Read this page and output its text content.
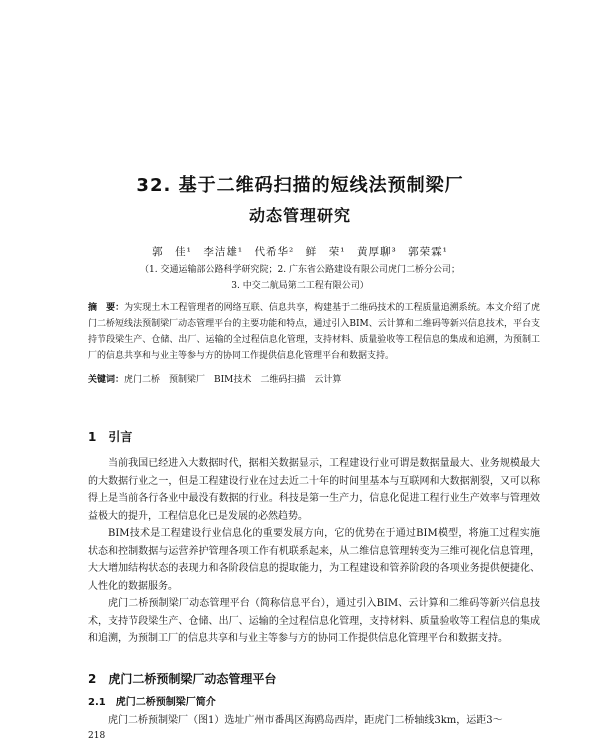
32. 基于二维码扫描的短线法预制梁厂
动态管理研究
郭　佳¹　李洁雄¹　代希华²　鲜　荣¹　黄厚聊³　郭荣霖¹
（1. 交通运输部公路科学研究院；2. 广东省公路建设有限公司虎门二桥分公司；
3. 中交二航局第二工程有限公司）
摘　要：为实现土木工程管理者的网络互联、信息共享，构建基于二维码技术的工程质量追溯系统。本文介绍了虎门二桥短线法预制梁厂动态管理平台的主要功能和特点，通过引入BIM、云计算和二维码等新兴信息技术，平台支持节段梁生产、仓储、出厂、运输的全过程信息化管理，支持材料、质量验收等工程信息的集成和追溯，为预制工厂的信息共享和与业主等参与方的协同工作提供信息化管理平台和数据支持。
关键词：虎门二桥　预制梁厂　BIM技术　二维码扫描　云计算
1　引言

当前我国已经进入大数据时代，据相关数据显示，工程建设行业可谓是数据量最大、业务规模最大的大数据行业之一，但是工程建设行业在过去近二十年的时间里基本与互联网和大数据割裂，又可以称得上是当前各行各业中最没有数据的行业。科技是第一生产力，信息化促进工程行业生产效率与管理效益极大的提升，工程信息化已是发展的必然趋势。

BIM技术是工程建设行业信息化的重要发展方向，它的优势在于通过BIM模型，将施工过程实施状态和控制数据与运营养护管理各项工作有机联系起来，从二维信息管理转变为三维可视化信息管理，大大增加结构状态的表现力和各阶段信息的提取能力，为工程建设和管养阶段的各项业务提供便捷化、人性化的数据服务。

虎门二桥预制梁厂动态管理平台（简称信息平台），通过引入BIM、云计算和二维码等新兴信息技术，支持节段梁生产、仓储、出厂、运输的全过程信息化管理，支持材料、质量验收等工程信息的集成和追溯，为预制工厂的信息共享和与业主等参与方的协同工作提供信息化管理平台和数据支持。

2　虎门二桥预制梁厂动态管理平台
2.1　虎门二桥预制梁厂简介

虎门二桥预制梁厂（图1）选址广州市番禺区海鸥岛西岸，距虎门二桥轴线3km，运距3～

218
